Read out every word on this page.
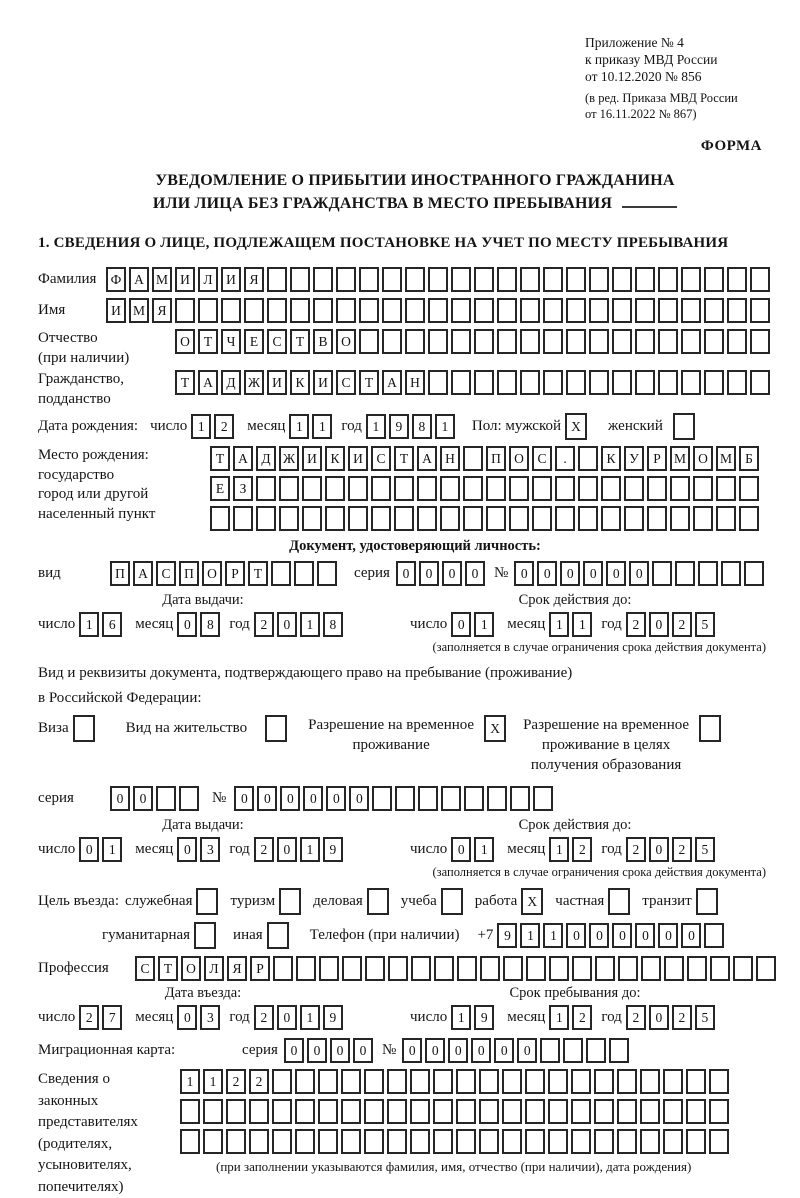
Приложение № 4
к приказу МВД России
от 10.12.2020 № 856
(в ред. Приказа МВД России
от 16.11.2022 № 867)
ФОРМА
УВЕДОМЛЕНИЕ О ПРИБЫТИИ ИНОСТРАННОГО ГРАЖДАНИНА
ИЛИ ЛИЦА БЕЗ ГРАЖДАНСТВА В МЕСТО ПРЕБЫВАНИЯ
1. СВЕДЕНИЯ О ЛИЦЕ, ПОДЛЕЖАЩЕМ ПОСТАНОВКЕ НА УЧЕТ ПО МЕСТУ ПРЕБЫВАНИЯ
Фамилия	Ф А М И	Л	И	Я
Имя	И М Я
Отчество
(при наличии)
О	Т	Ч	Е	С	Т	В	О
Гражданство,
подданство
Т	А	Д Ж И	К	И	С	Т	А Н
Дата рождения: число 1	2	месяц 1	1	год 1	9	8	1	Пол: мужской X	женский
Место рождения:
государство
город или другой
населенный пункт
Т	А	Д Ж И	К	И	С	Т	А Н	П О	С	.	К	У	Р М О М Б
Е	З
Документ, удостоверяющий личность:
вид	П А	С	П О	Р	Т	серия 0	0	0	0	№ 0	0	0	0	0	0
Дата выдачи:	Срок действия до:
число 1	6	месяц 0	8	год 2	0	1	8	число 0	1	месяц 1	1	год 2	0	2	5
(заполняется в случае ограничения срока действия документа)
Вид и реквизиты документа, подтверждающего право на пребывание (проживание)
в Российской Федерации:
Виза	Вид на жительство	Разрешение на временное
проживание
X	Разрешение на временное
проживание в целях
получения образования
серия	0	0	№	0	0	0	0	0	0
Дата выдачи:	Срок действия до:
число 0	1	месяц 0	3	год 2	0	1	9	число 0	1	месяц 1	2	год 2	0	2	5
(заполняется в случае ограничения срока действия документа)
Цель въезда: служебная	туризм	деловая	учеба	работа X	частная	транзит
гуманитарная	иная	Телефон (при наличии) +7 9	1	1	0	0	0	0	0	0
Профессия	С	Т	О	Л	Я	Р
Дата въезда:	Срок пребывания до:
число 2	7	месяц 0	3	год 2	0	1	9	число 1	9	месяц 1	2	год 2	0	2	5
Миграционная карта:	серия 0	0	0	0	№ 0	0	0	0	0	0
Сведения о
законных
представителях
(родителях,
усыновителях,
попечителях)
1	1	2	2
(при заполнении указываются фамилия, имя, отчество (при наличии), дата рождения)
